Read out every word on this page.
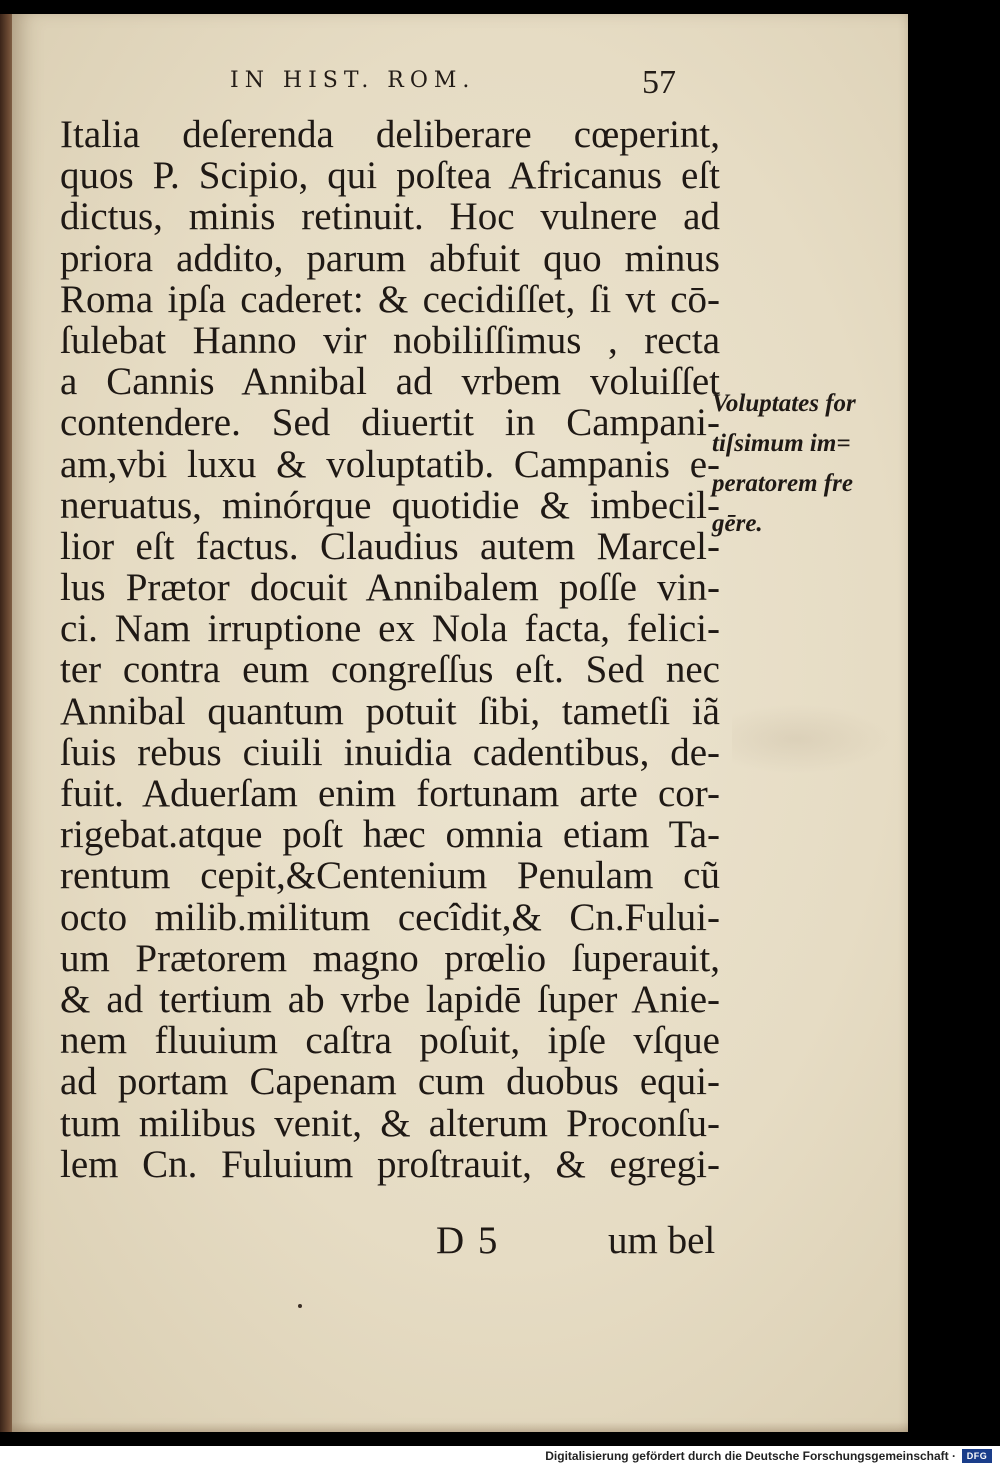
IN HIST. ROM.	57
Italia deſerenda deliberare cœperint,
quos P. Scipio, qui poſtea Africanus eſt
dictus, minis retinuit. Hoc vulnere ad
priora addito, parum abfuit quo minus
Roma ipſa caderet: & cecidiſſet, ſi vt cō-
ſulebat Hanno vir nobiliſſimus , recta
a Cannis Annibal ad vrbem voluiſſet
contendere. Sed diuertit in Campani-
am,vbi luxu & voluptatib. Campanis e-
neruatus, minórque quotidie & imbecil-
lior eſt factus. Claudius autem Marcel-
lus Prætor docuit Annibalem poſſe vin-
ci. Nam irruptione ex Nola facta, felici-
ter contra eum congreſſus eſt. Sed nec
Annibal quantum potuit ſibi, tametſi iã
ſuis rebus ciuili inuidia cadentibus, de-
fuit. Aduerſam enim fortunam arte cor-
rigebat.atque poſt hæc omnia etiam Ta-
rentum cepit,&Centenium Penulam cũ
octo milib.militum cecîdit,& Cn.Fului-
um Prætorem magno prœlio ſuperauit,
& ad tertium ab vrbe lapidē ſuper Anie-
nem fluuium caſtra poſuit, ipſe vſque
ad portam Capenam cum duobus equi-
tum milibus venit, & alterum Proconſu-
lem Cn. Fuluium proſtrauit, & egregi-
D 5	um bel
Voluptates for
tiſsimum im=
peratorem fre
gēre.
Digitalisierung gefördert durch die Deutsche Forschungsgemeinschaft ·	DFG
